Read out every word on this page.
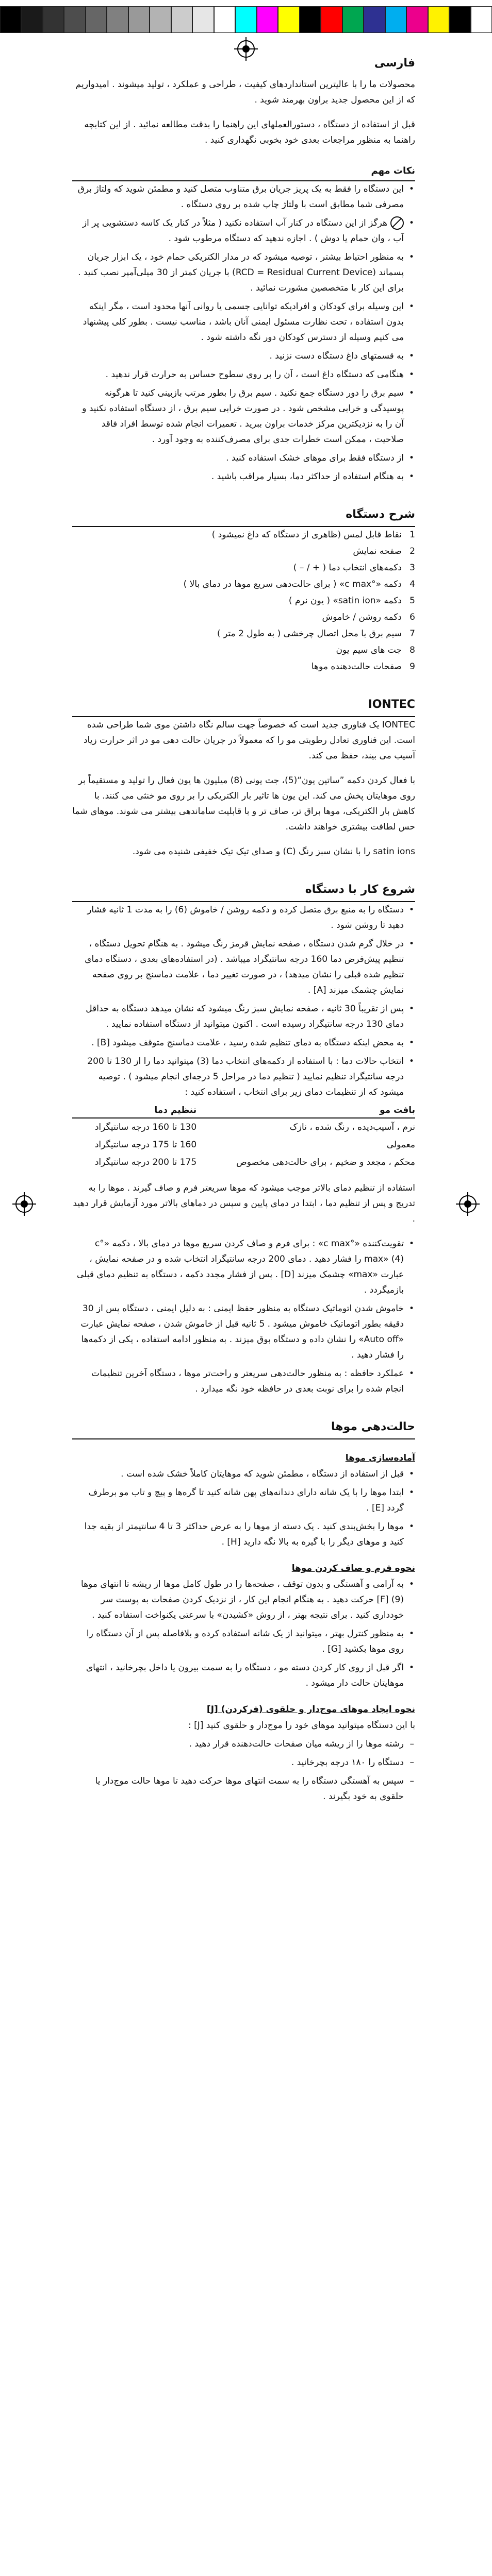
فارسی

محصولات ما را با عالیترین استانداردهای کیفیت ، طراحی و عملکرد ، تولید میشوند . امیدواریم که از این محصول جدید براون بهرمند شوید .

قبل از استفاده از دستگاه ، دستورالعملهای این راهنما را بدقت مطالعه نمائید . از این کتابچه راهنما به منظور مراجعات بعدی خود بخوبی نگهداری کنید .

نکات مهم
• این دستگاه را فقط به یک پریز جریان برق متناوب متصل کنید و مطمئن شوید که ولتاژ برق مصرفی شما مطابق است با ولتاژ چاپ شده بر روی دستگاه .
• هرگز از این دستگاه در کنار آب استفاده نکنید ( مثلاً در کنار یک کاسه دستشویی پر از آب ، وان حمام یا دوش ) . اجازه ندهید که دستگاه مرطوب شود .
• به منظور احتیاط بیشتر ، توصیه میشود که در مدار الکتریکی حمام خود ، یک ابزار جریان پسماند (RCD = Residual Current Device) با جریان کمتر از 30 میلی‌آمپر نصب کنید . برای این کار با متخصصین مشورت نمائید .
• این وسیله برای کودکان و افرادیکه توانایی جسمی یا روانی آنها محدود است ، مگر اینکه بدون استفاده ، تحت نظارت مسئول ایمنی آنان باشد ، مناسب نیست . بطور کلی پیشنهاد می کنیم وسیله از دسترس کودکان دور نگه داشته شود .
• به قسمتهای داغ دستگاه دست نزنید .
• هنگامی که دستگاه داغ است ، آن را بر روی سطوح حساس به حرارت قرار ندهید .
• سیم برق را دور دستگاه جمع نکنید . سیم برق را بطور مرتب بازبینی کنید تا هرگونه پوسیدگی و خرابی مشخص شود . در صورت خرابی سیم برق ، از دستگاه استفاده نکنید و آن را به نزدیکترین مرکز خدمات براون ببرید . تعمیرات انجام شده توسط افراد فاقد صلاحیت ، ممکن است خطرات جدی برای مصرف‌کننده به وجود آورد .
• از دستگاه فقط برای موهای خشک استفاده کنید .
• به هنگام استفاده از حداکثر دما، بسیار مراقب باشید .
شرح دستگاه
1 نقاط قابل لمس (ظاهری از دستگاه که داغ نمیشود )
2 صفحه نمایش
3 دکمه‌های انتخاب دما ( + / – )
4 دکمه «°c max» ( برای حالت‌دهی سریع موها در دمای بالا )
5 دکمه «satin ion» ( یون نرم )
6 دکمه روشن / خاموش
7 سیم برق با محل اتصال چرخشی ( به طول 2 متر )
8 جت های سیم یون
9 صفحات حالت‌دهنده موها
IONTEC

IONTEC یک فناوری جدید است که خصوصاً جهت سالم نگاه داشتن موی شما طراحی شده است. این فناوری تعادل رطوبتی مو را که معمولاً در جریان حالت دهی مو در اثر حرارت زیاد آسیب می بیند، حفظ می کند.

با فعال کردن دکمه ”ساتین یون“(5)، جت یونی (8) میلیون ها یون فعال را تولید و مستقیماً بر روی موهایتان پخش می کند. این یون ها تاثیر بار الکتریکی را بر روی مو خنثی می کنند. با کاهش بار الکتریکی، موها براق تر، صاف تر و با قابلیت ساماندهی بیشتر می شوند. موهای شما حس لطافت بیشتری خواهند داشت.

satin ions را با نشان سبز رنگ (C) و صدای تیک تیک خفیفی شنیده می شود.

شروع کار با دستگاه
• دستگاه را به منبع برق متصل کرده و دکمه روشن / خاموش (6) را به مدت 1 ثانیه فشار دهید تا روشن شود .
• در خلال گرم شدن دستگاه ، صفحه نمایش قرمز رنگ میشود . به هنگام تحویل دستگاه ، تنظیم پیش‌فرض دما 160 درجه سانتیگراد میباشد . (در استفاده‌های بعدی ، دستگاه دمای تنظیم شده قبلی را نشان میدهد) ، در صورت تغییر دما ، علامت دماسنج بر روی صفحه نمایش چشمک میزند [A] .
• پس از تقریباً 30 ثانیه ، صفحه نمایش سبز رنگ میشود که نشان میدهد دستگاه به حداقل دمای 130 درجه سانتیگراد رسیده است . اکنون میتوانید از دستگاه استفاده نمایید .
• به محض اینکه دستگاه به دمای تنظیم شده رسید ، علامت دماسنج متوقف میشود [B] .
• انتخاب حالات دما : با استفاده از دکمه‌های انتخاب دما (3) میتوانید دما را از 130 تا 200 درجه سانتیگراد تنظیم نمایید ( تنظیم دما در مراحل 5 درجه‌ای انجام میشود ) . توصیه میشود که از تنظیمات دمای زیر برای انتخاب ، استفاده کنید :
بافت مو	تنظیم دما
نرم ، آسیب‌دیده ، رنگ شده ، نازک	130 تا 160 درجه سانتیگراد
معمولی	160 تا 175 درجه سانتیگراد
محکم ، مجعد و ضخیم ، برای حالت‌دهی مخصوص	175 تا 200 درجه سانتیگراد

استفاده از تنظیم دمای بالاتر موجب میشود که موها سریعتر فرم و صاف گیرند . موها را به تدریج و پس از تنظیم دما ، ابتدا در دمای پایین و سپس در دماهای بالاتر مورد آزمایش قرار دهید .

• تقویت‌کننده «°c max» : برای فرم و صاف کردن سریع موها در دمای بالا ، دکمه «°c max» (4) را فشار دهید . دمای 200 درجه سانتیگراد انتخاب شده و در صفحه نمایش ، عبارت «max» چشمک میزند [D] . پس از فشار مجدد دکمه ، دستگاه به تنظیم دمای قبلی بازمیگردد .
• خاموش شدن اتوماتیک دستگاه به منظور حفظ ایمنی : به دلیل ایمنی ، دستگاه پس از 30 دقیقه بطور اتوماتیک خاموش میشود . 5 ثانیه قبل از خاموش شدن ، صفحه نمایش عبارت «Auto off» را نشان داده و دستگاه بوق میزند . به منظور ادامه استفاده ، یکی از دکمه‌ها را فشار دهید .
• عملکرد حافظه : به منظور حالت‌دهی سریعتر و راحت‌تر موها ، دستگاه آخرین تنظیمات انجام شده را برای نوبت بعدی در حافظه خود نگه میدارد .
حالت‌دهی موها
آماده‌سازی موها
• قبل از استفاده از دستگاه ، مطمئن شوید که موهایتان کاملاً خشک شده است .
• ابتدا موها را با یک شانه دارای دندانه‌های پهن شانه کنید تا گره‌ها و پیچ و تاب مو برطرف گردد [E] .
• موها را بخش‌بندی کنید . یک دسته از موها را به عرض حداکثر 3 تا 4 سانتیمتر از بقیه جدا کنید و موهای دیگر را با گیره به بالا نگه دارید [H] .
نحوه فرم و صاف کردن موها
• به آرامی و آهستگی و بدون توقف ، صفحه‌ها را در طول کامل موها از ریشه تا انتهای موها (9) [F] حرکت دهید . به هنگام انجام این کار ، از نزدیک کردن صفحات به پوست سر خودداری کنید . برای نتیجه بهتر ، از روش «کشیدن» با سرعتی یکنواخت استفاده کنید .
• به منظور کنترل بهتر ، میتوانید از یک شانه استفاده کرده و بلافاصله پس از آن دستگاه را روی موها بکشید [G] .
• اگر قبل از روی کار کردن دسته مو ، دستگاه را به سمت بیرون یا داخل بچرخانید ، انتهای موهایتان حالت دار میشود .
نحوه ایجاد موهای موج‌دار و حلقوی (فرکردن) [J]

با این دستگاه میتوانید موهای خود را موج‌دار و حلقوی کنید [J] :

– رشته موها را از ریشه میان صفحات حالت‌دهنده قرار دهید .
– دستگاه را ۱۸۰ درجه بچرخانید .
– سپس به آهستگی دستگاه را به سمت انتهای موها حرکت دهید تا موها حالت موج‌دار یا حلقوی به خود بگیرند .
